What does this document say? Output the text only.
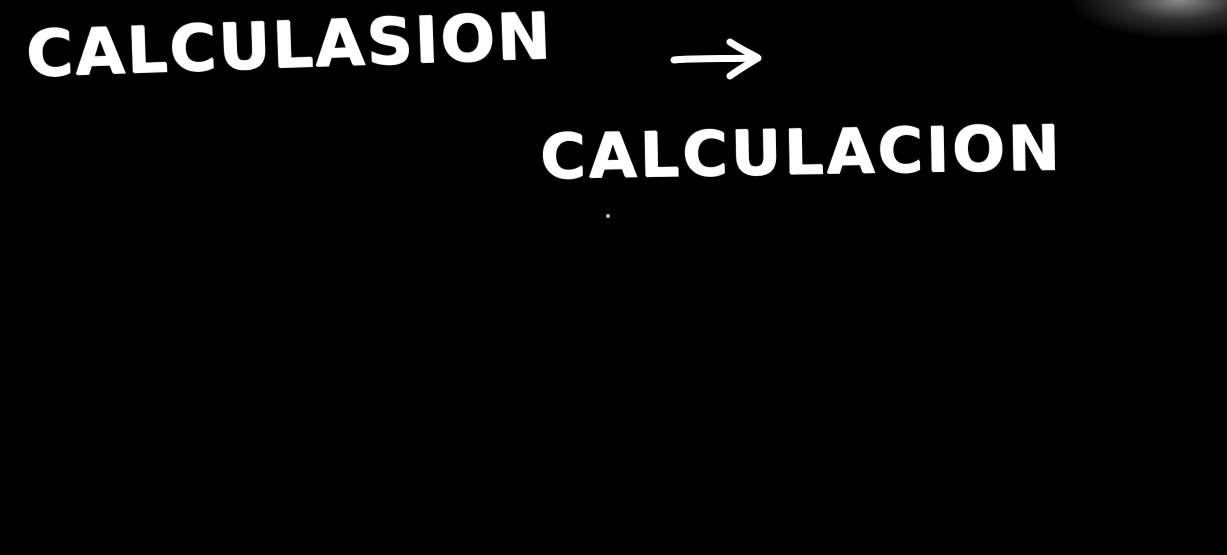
CALCULASION
CALCULACION
